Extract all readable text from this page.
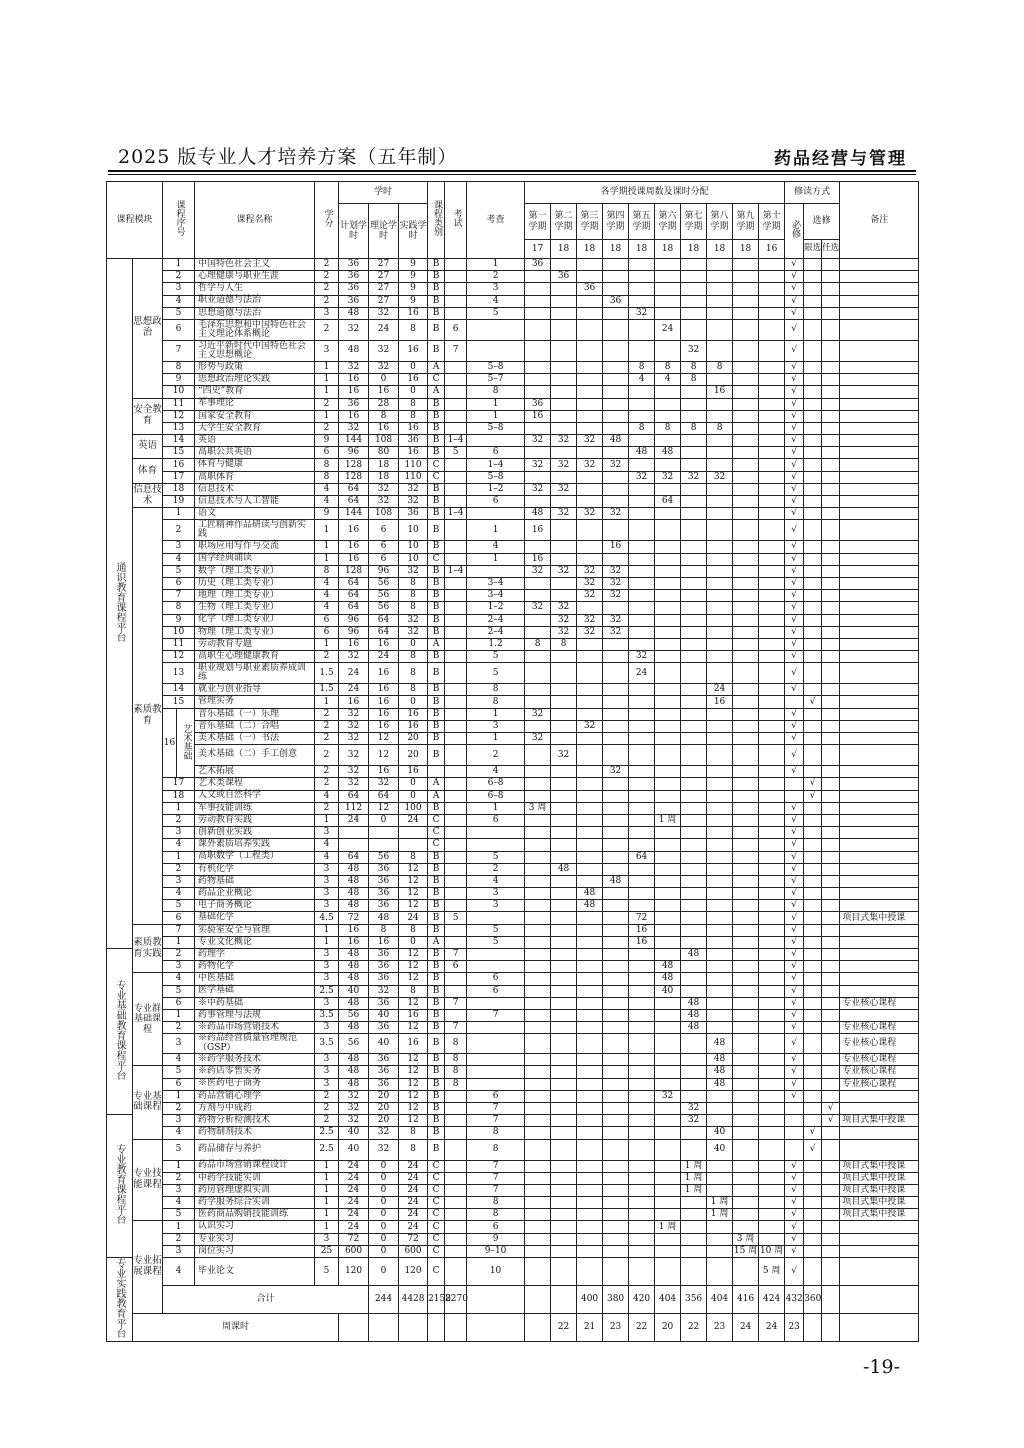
2025 版专业人才培养方案（五年制）	药品经营与管理
课程模块		课程序号		课程名称	学分	学时			课程类别	考试	考查	各学期授课周数及课时分配										修读方式			备注	
						计划学时	理论学时	实践学时				第一学期	第二学期	第三学期	第四学期	第五学期	第六学期	第七学期	第八学期	第九学期	第十学期	必修	选修			
												17	18	18	18	18	18	18	18	18	16		限选	任选		
通识教育课程平台	思想政治	1		中国特色社会主义	2	36	27	9	B		1	36										√				
		2		心理健康与职业生涯	2	36	27	9	B		2		36									√				
		3		哲学与人生	2	36	27	9	B		3			36								√				
		4		职业道德与法治	2	36	27	9	B		4				36							√				
		5		思想道德与法治	3	48	32	16	B		5					32						√				
		6		毛泽东思想和中国特色社会主义理论体系概论	2	32	24	8	B	6							24					√				
		7		习近平新时代中国特色社会主义思想概论	3	48	32	16	B	7								32				√				
		8		形势与政策	1	32	32	0	A		5–8					8	8	8	8			√				
		9		思想政治理论实践	1	16	0	16	C		5–7					4	4	8				√				
		10		“四史”教育	1	16	16	0	A		8								16			√				
	安全教育	11		军事理论	2	36	28	8	B		1	36										√				
		12		国家安全教育	1	16	8	8	B		1	16										√				
		13		大学生安全教育	2	32	16	16	B		5–8					8	8	8	8			√				
	英语	14		英语	9	144	108	36	B	1–4		32	32	32	48							√				
		15		高职公共英语	6	96	80	16	B	5	6					48	48					√				
	体育	16		体育与健康	8	128	18	110	C		1–4	32	32	32	32							√				
		17		高职体育	8	128	18	110	C		5–8					32	32	32	32			√				
	信息技术	18		信息技术	4	64	32	32	B		1–2	32	32									√				
		19		信息技术与人工智能	4	64	32	32	B		6						64					√				
	素质教育	1		语文	9	144	108	36	B	1–4		48	32	32	32							√				
		2		工匠精神作品研读与创新实践	1	16	6	10	B		1	16										√				
		3		职场应用写作与交流	1	16	6	10	B		4				16							√				
		4		国学经典诵读	1	16	6	10	C		1	16										√				
		5		数学（理工类专业）	8	128	96	32	B	1–4		32	32	32	32							√				
		6		历史（理工类专业）	4	64	56	8	B		3–4			32	32							√				
		7		地理（理工类专业）	4	64	56	8	B		3–4			32	32							√				
		8		生物（理工类专业）	4	64	56	8	B		1–2	32	32									√				
		9		化学（理工类专业）	6	96	64	32	B		2–4		32	32	32							√				
		10		物理（理工类专业）	6	96	64	32	B		2–4		32	32	32							√				
		11		劳动教育专题	1	16	16	0	A		1.2	8	8									√				
		12		高职生心理健康教育	2	32	24	8	B		5					32						√				
		13		职业规划与职业素质养成训练	1.5	24	16	8	B		5					24						√				
		14		就业与创业指导	1.5	24	16	8	B		8								24			√				
		15		管理实务	1	16	16	0	B		8								16				√			
		16	艺术基础	音乐基础（一）乐理	2	32	16	16	B		1	32										√				
				音乐基础（二）合唱	2	32	16	16	B		3			32								√				
				美术基础（一）书法	2	32	12	20	B		1	32										√				
				美术基础（二）手工创意	2	32	12	20	B		2		32									√				
				艺术拓展	2	32	16	16			4				32							√				
		17		艺术类课程	2	32	32	0	A		6–8												√			
		18		人文或自然科学	4	64	64	0	A		6–8												√			
		1		军事技能训练	2	112	12	100	B		1	3 周										√				
		2		劳动教育实践	1	24	0	24	C		6						1 周					√				
		3		创新创业实践	3				C													√				
		4		课外素质培养实践	4				C													√				
		1		高职数学（工程类）	4	64	56	8	B		5					64						√				
		2		有机化学	3	48	36	12	B		2		48									√				
		3		药物基础	3	48	36	12	B		4				48							√				
		4		药品企业概论	3	48	36	12	B		3			48								√				
		5		电子商务概论	3	48	36	12	B		3			48								√				
		6		基础化学	4.5	72	48	24	B	5						72						√			项目式集中授课	
	素质教育实践	7		实验室安全与管理	1	16	8	8	B		5					16						√				
		1		专业文化概论	1	16	16	0	A		5					16						√				
专业基础教育课程平台		2		药理学	3	48	36	12	B	7								48				√				
		3		药物化学	3	48	36	12	B	6							48					√				
	专业群基础课程	4		中医基础	3	48	36	12	B		6						48					√				
		5		医学基础	2.5	40	32	8	B		6						40					√				
		6		※中药基础	3	48	36	12	B	7								48				√			专业核心课程	
		1		药事管理与法规	3.5	56	40	16	B		7							48				√				
		2		※药品市场营销技术	3	48	36	12	B	7								48				√			专业核心课程	
		3		※药品经营质量管理规范（GSP）	3.5	56	40	16	B	8									48			√			专业核心课程	
		4		※药学服务技术	3	48	36	12	B	8									48			√			专业核心课程	
	专业基础课程	5		※药店零售实务	3	48	36	12	B	8									48			√			专业核心课程	
		6		※医药电子商务	3	48	36	12	B	8									48			√			专业核心课程	
		1		药品营销心理学	2	32	20	12	B		6						32					√				
		2		方剂与中成药	2	32	20	12	B		7							32						√		
专业教育课程平台		3		药物分析检测技术	2	32	20	12	B		7							32						√	项目式集中授课	
		4		药物制剂技术	2.5	40	32	8	B		8								40				√			
	专业技能课程	5		药品储存与养护	2.5	40	32	8	B		8								40				√			
		1		药品市场营销课程设计	1	24	0	24	C		7							1 周				√			项目式集中授课	
		2		中药学技能实训	1	24	0	24	C		7							1 周				√			项目式集中授课	
		3		药房管理虚拟实训	1	24	0	24	C		7							1 周				√			项目式集中授课	
		4		药学服务综合实训	1	24	0	24	C		8								1 周			√			项目式集中授课	
		5		医药商品购销技能训练	1	24	0	24	C		8								1 周			√			项目式集中授课	
	专业拓展课程	1		认识实习	1	24	0	24	C		6						1 周					√				
		2		专业实习	3	72	0	72	C		9									3 周		√				
		3		岗位实习	25	600	0	600	C		9–10									15 周	10 周	√				
专业实践教育平台		4		毕业论文	5	120	0	120	C		10										5 周	√				
		合计					244	4428	2158	2270				400	380	420	404	356	404	416	424	432	360				
	周课时												22	21	23	22	20	22	23	24	24	23				
-19-
